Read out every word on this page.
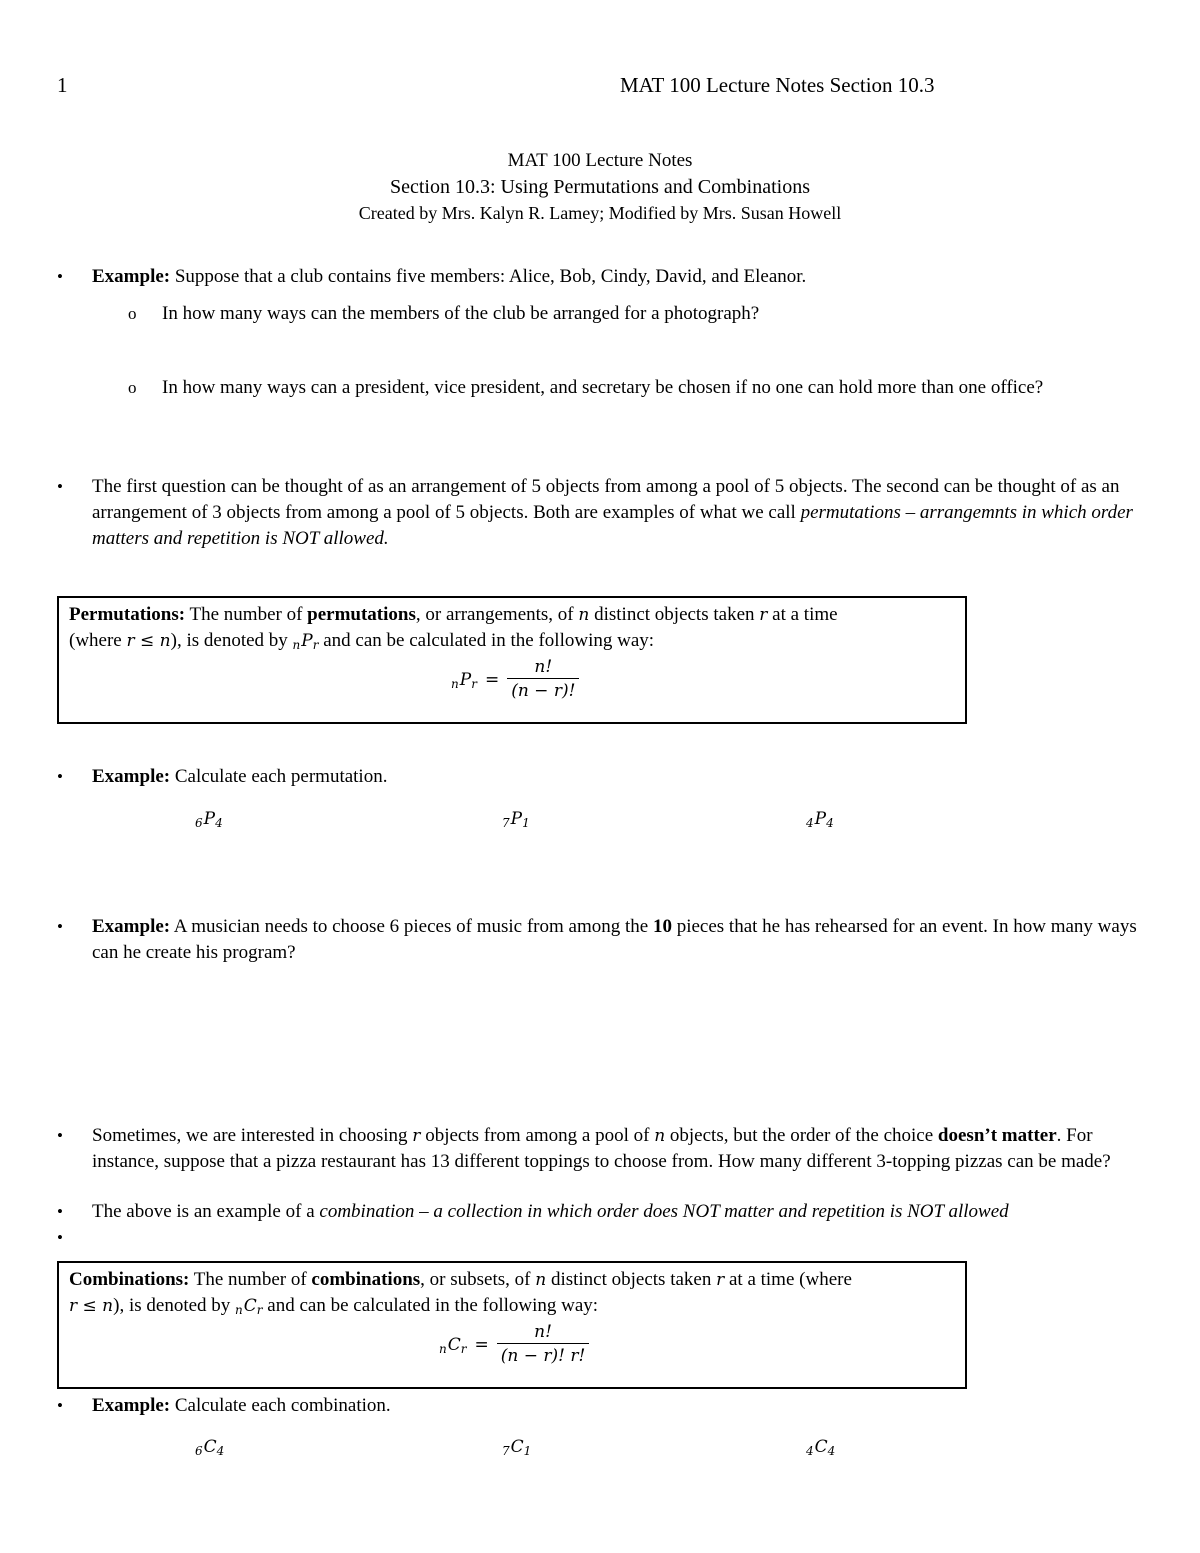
1	MAT 100 Lecture Notes Section 10.3
MAT 100 Lecture Notes
Section 10.3: Using Permutations and Combinations
Created by Mrs. Kalyn R. Lamey; Modified by Mrs. Susan Howell
Example: Suppose that a club contains five members: Alice, Bob, Cindy, David, and Eleanor.
o In how many ways can the members of the club be arranged for a photograph?
o In how many ways can a president, vice president, and secretary be chosen if no one can hold more than one office?
The first question can be thought of as an arrangement of 5 objects from among a pool of 5 objects. The second can be thought of as an arrangement of 3 objects from among a pool of 5 objects. Both are examples of what we call permutations – arrangemnts in which order matters and repetition is NOT allowed.
Permutations: The number of permutations, or arrangements, of n distinct objects taken r at a time
(where r ≤ n), is denoted by $_nP_r$ and can be calculated in the following way:
$_nP_r = \frac{n!}{(n - r)!}$
Example: Calculate each permutation.
$_6P_4$	$_7P_1$	$_4P_4$
Example: A musician needs to choose 6 pieces of music from among the 10 pieces that he has rehearsed for an event. In how many ways can he create his program?
Sometimes, we are interested in choosing r objects from among a pool of n objects, but the order of the choice doesn’t matter. For instance, suppose that a pizza restaurant has 13 different toppings to choose from. How many different 3-topping pizzas can be made?
The above is an example of a combination – a collection in which order does NOT matter and repetition is NOT allowed
Combinations: The number of combinations, or subsets, of n distinct objects taken r at a time (where
r ≤ n), is denoted by $_nC_r$ and can be calculated in the following way:
$_nC_r = \frac{n!}{(n - r)! r!}$
Example: Calculate each combination.
$_6C_4$	$_7C_1$	$_4C_4$
